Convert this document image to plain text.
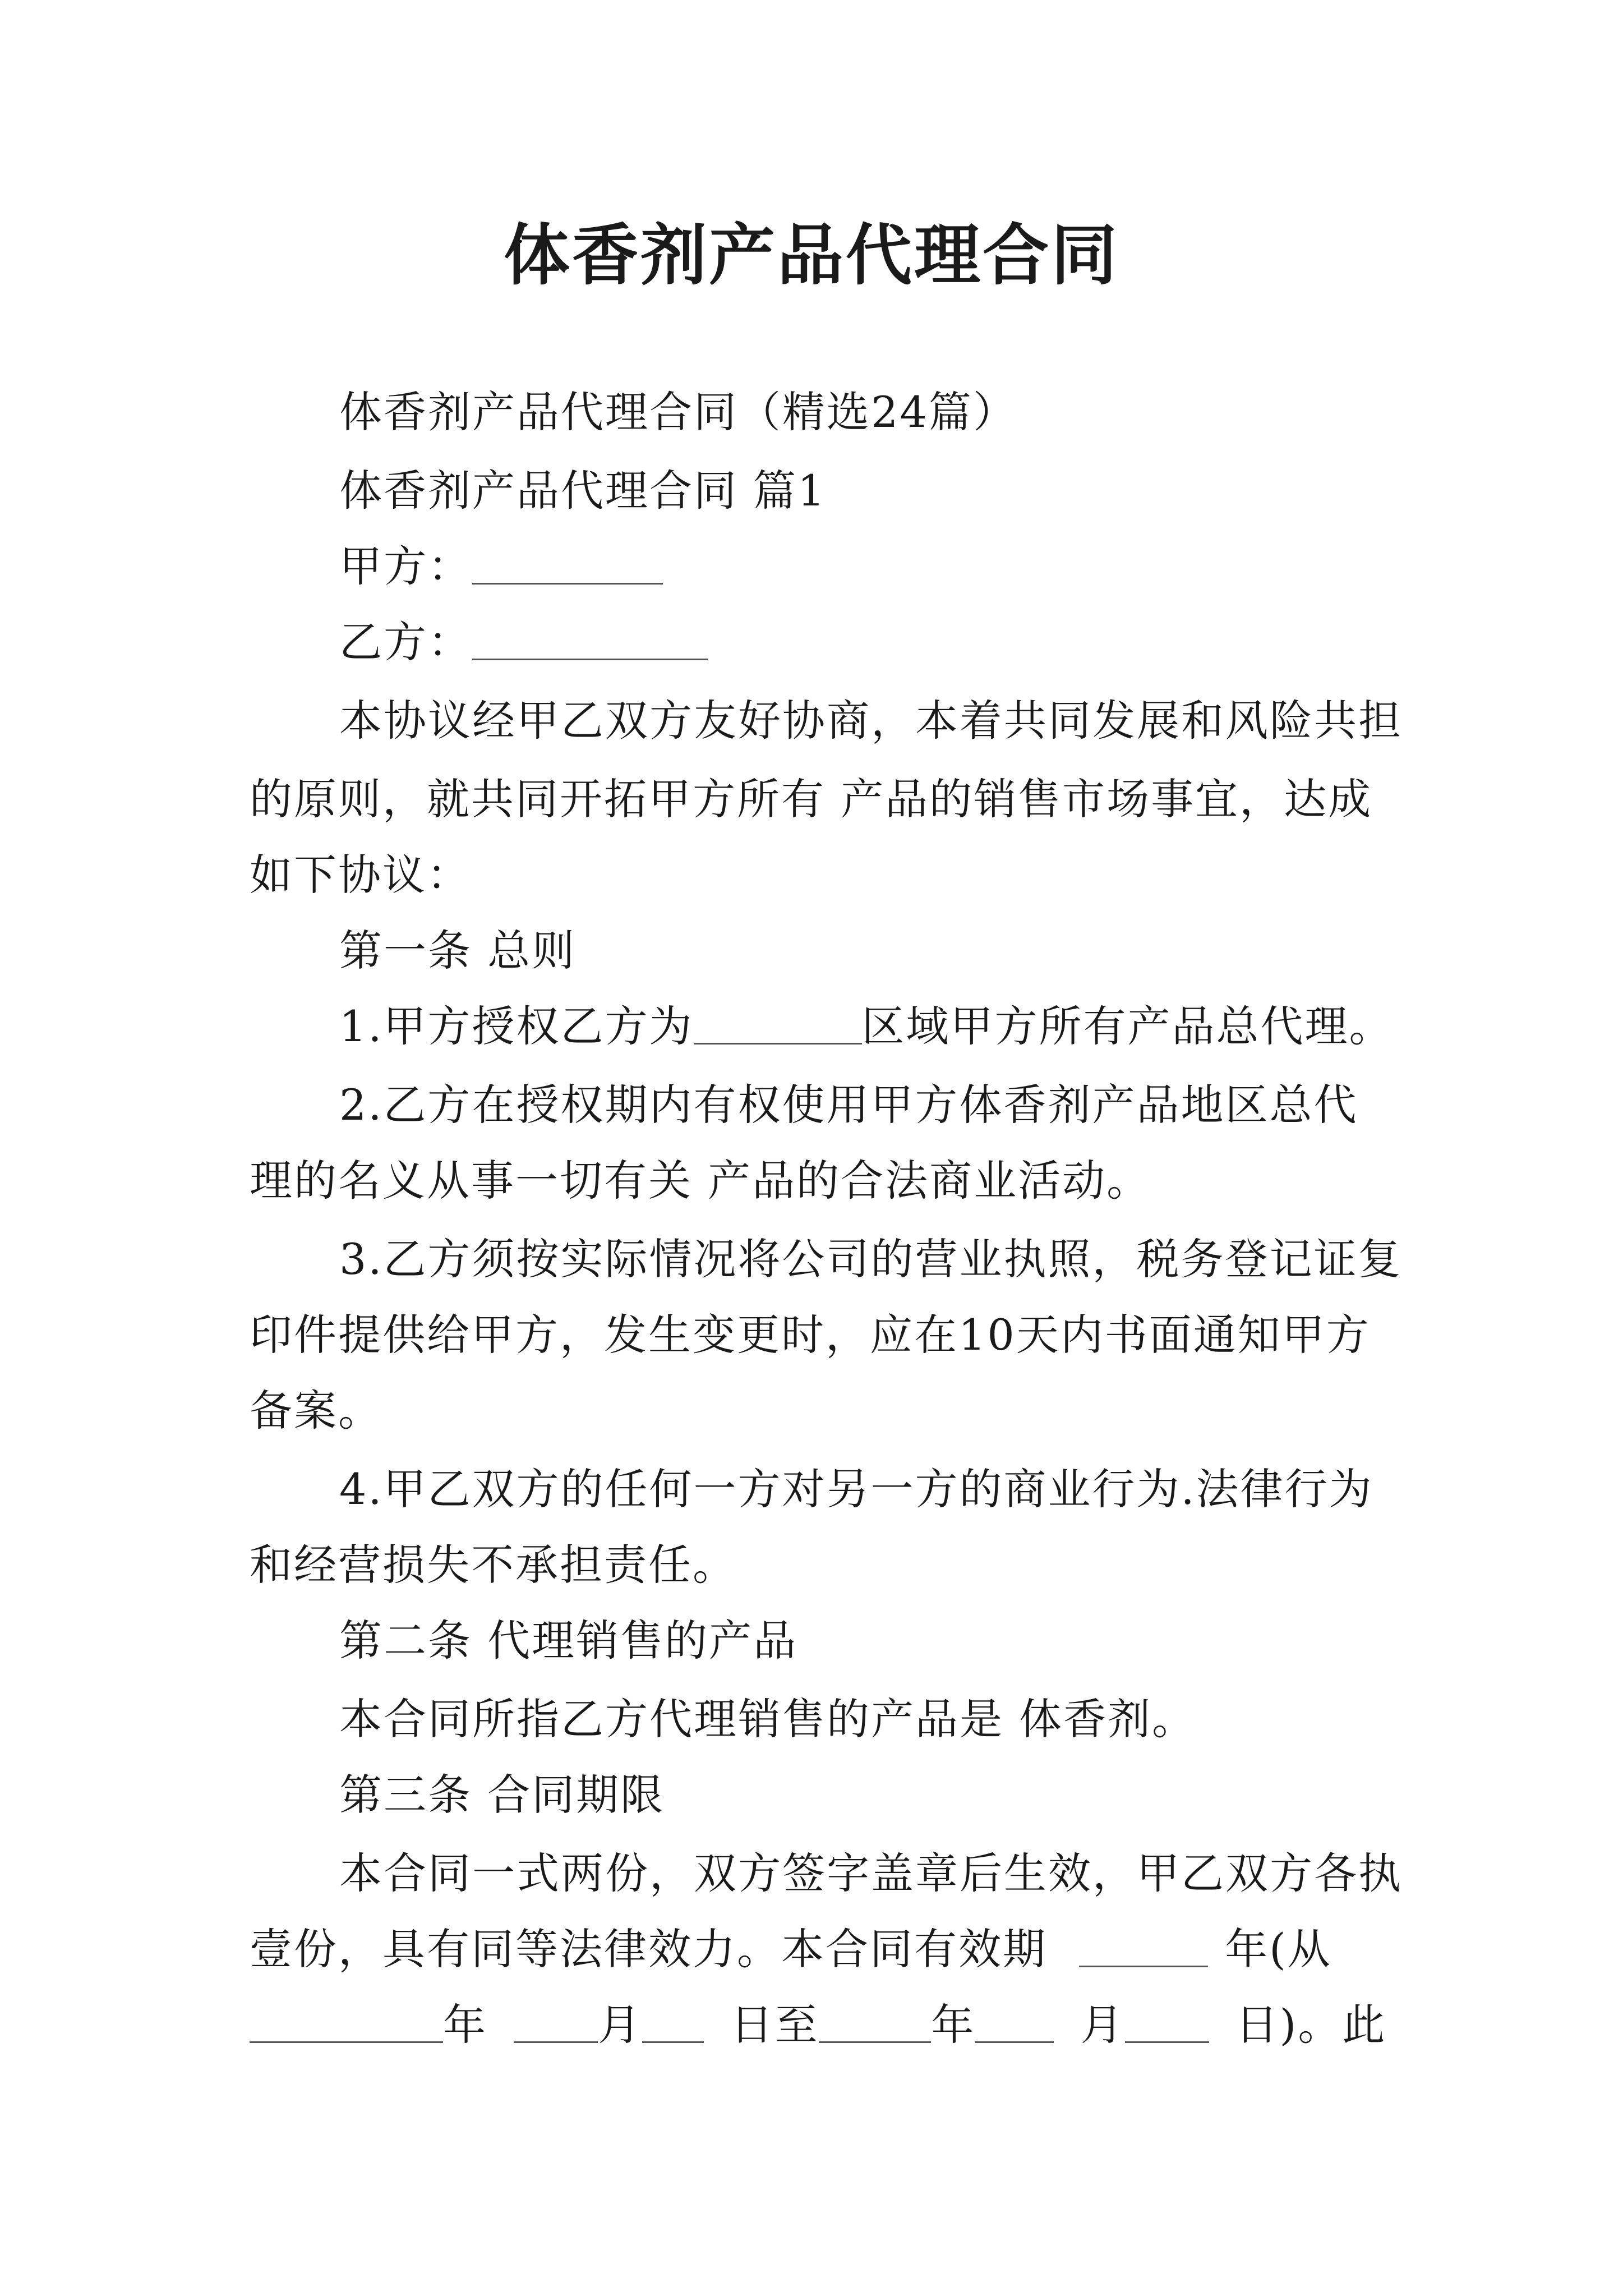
体香剂产品代理合同
体香剂产品代理合同（精选24篇）
体香剂产品代理合同 篇1
甲方：
乙方：
本协议经甲乙双方友好协商，本着共同发展和风险共担
的原则，就共同开拓甲方所有 产品的销售市场事宜，达成
如下协议：
第一条 总则
1.甲方授权乙方为	区域甲方所有产品总代理。
2.乙方在授权期内有权使用甲方体香剂产品地区总代
理的名义从事一切有关 产品的合法商业活动。
3.乙方须按实际情况将公司的营业执照，税务登记证复
印件提供给甲方，发生变更时，应在10天内书面通知甲方
备案。
4.甲乙双方的任何一方对另一方的商业行为.法律行为
和经营损失不承担责任。
第二条 代理销售的产品
本合同所指乙方代理销售的产品是 体香剂。
第三条 合同期限
本合同一式两份，双方签字盖章后生效，甲乙双方各执
壹份，具有同等法律效力。本合同有效期	年(从
年	月 日至	年 月	日)。此
